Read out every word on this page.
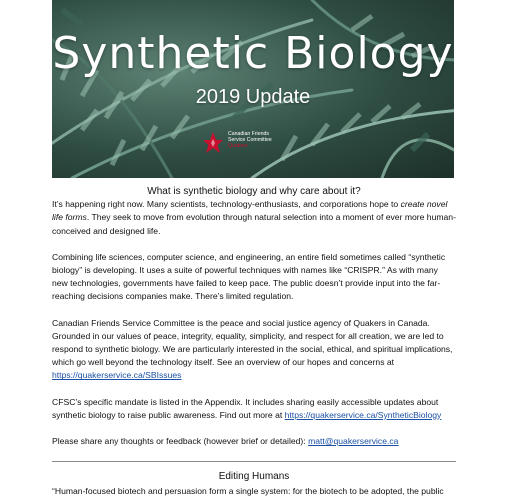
Synthetic Biology
2019 Update
Canadian Friends
Service Committee
Quakers
What is synthetic biology and why care about it?

It’s happening right now. Many scientists, technology-enthusiasts, and corporations hope to create novel life forms. They seek to move from evolution through natural selection into a moment of ever more human-conceived and designed life.

Combining life sciences, computer science, and engineering, an entire field sometimes called “synthetic biology” is developing. It uses a suite of powerful techniques with names like “CRISPR.” As with many new technologies, governments have failed to keep pace. The public doesn’t provide input into the far-reaching decisions companies make. There’s limited regulation.

Canadian Friends Service Committee is the peace and social justice agency of Quakers in Canada. Grounded in our values of peace, integrity, equality, simplicity, and respect for all creation, we are led to respond to synthetic biology. We are particularly interested in the social, ethical, and spiritual implications, which go well beyond the technology itself. See an overview of our hopes and concerns at https://quakerservice.ca/SBIssues

CFSC’s specific mandate is listed in the Appendix. It includes sharing easily accessible updates about synthetic biology to raise public awareness. Find out more at https://quakerservice.ca/SyntheticBiology

Please share any thoughts or feedback (however brief or detailed): matt@quakerservice.ca

Editing Humans

“Human-focused biotech and persuasion form a single system: for the biotech to be adopted, the public
